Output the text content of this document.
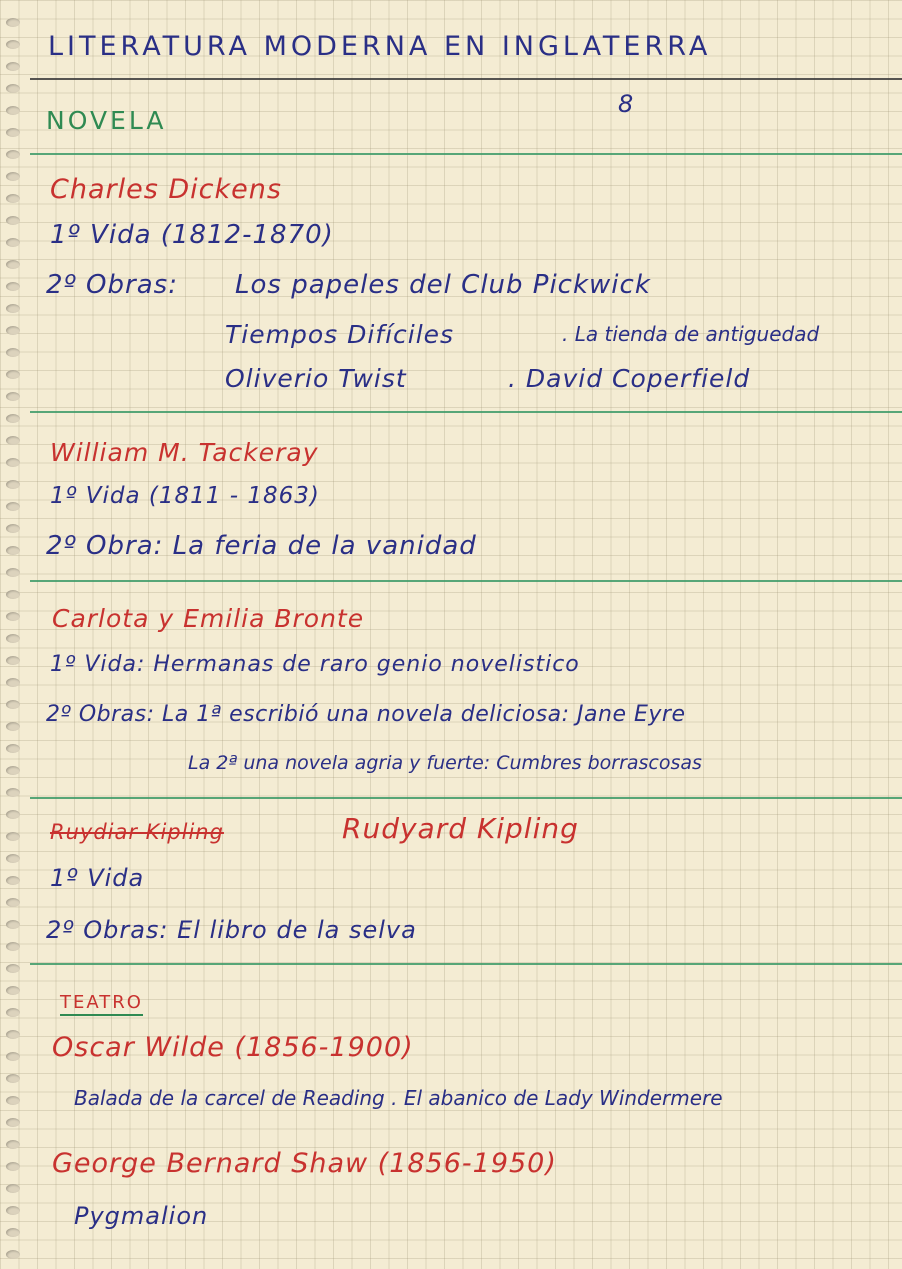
LITERATURA MODERNA EN INGLATERRA
NOVELA
8
Charles Dickens
1º Vida (1812-1870)
2º Obras: Los papeles del Club Pickwick
Tiempos Difíciles	. La tienda de antiguedad
Oliverio Twist	. David Coperfield
William M. Tackeray
1º Vida (1811 - 1863)
2º Obra: La feria de la vanidad
Carlota y Emilia Bronte
1º Vida: Hermanas de raro genio novelistico
2º Obras: La 1ª escribió una novela deliciosa: Jane Eyre
La 2ª una novela agria y fuerte: Cumbres borrascosas
Ruydiar Kipling	Rudyard Kipling
1º Vida
2º Obras: El libro de la selva
TEATRO
Oscar Wilde (1856-1900)
Balada de la carcel de Reading . El abanico de Lady Windermere
George Bernard Shaw (1856-1950)
Pygmalion
